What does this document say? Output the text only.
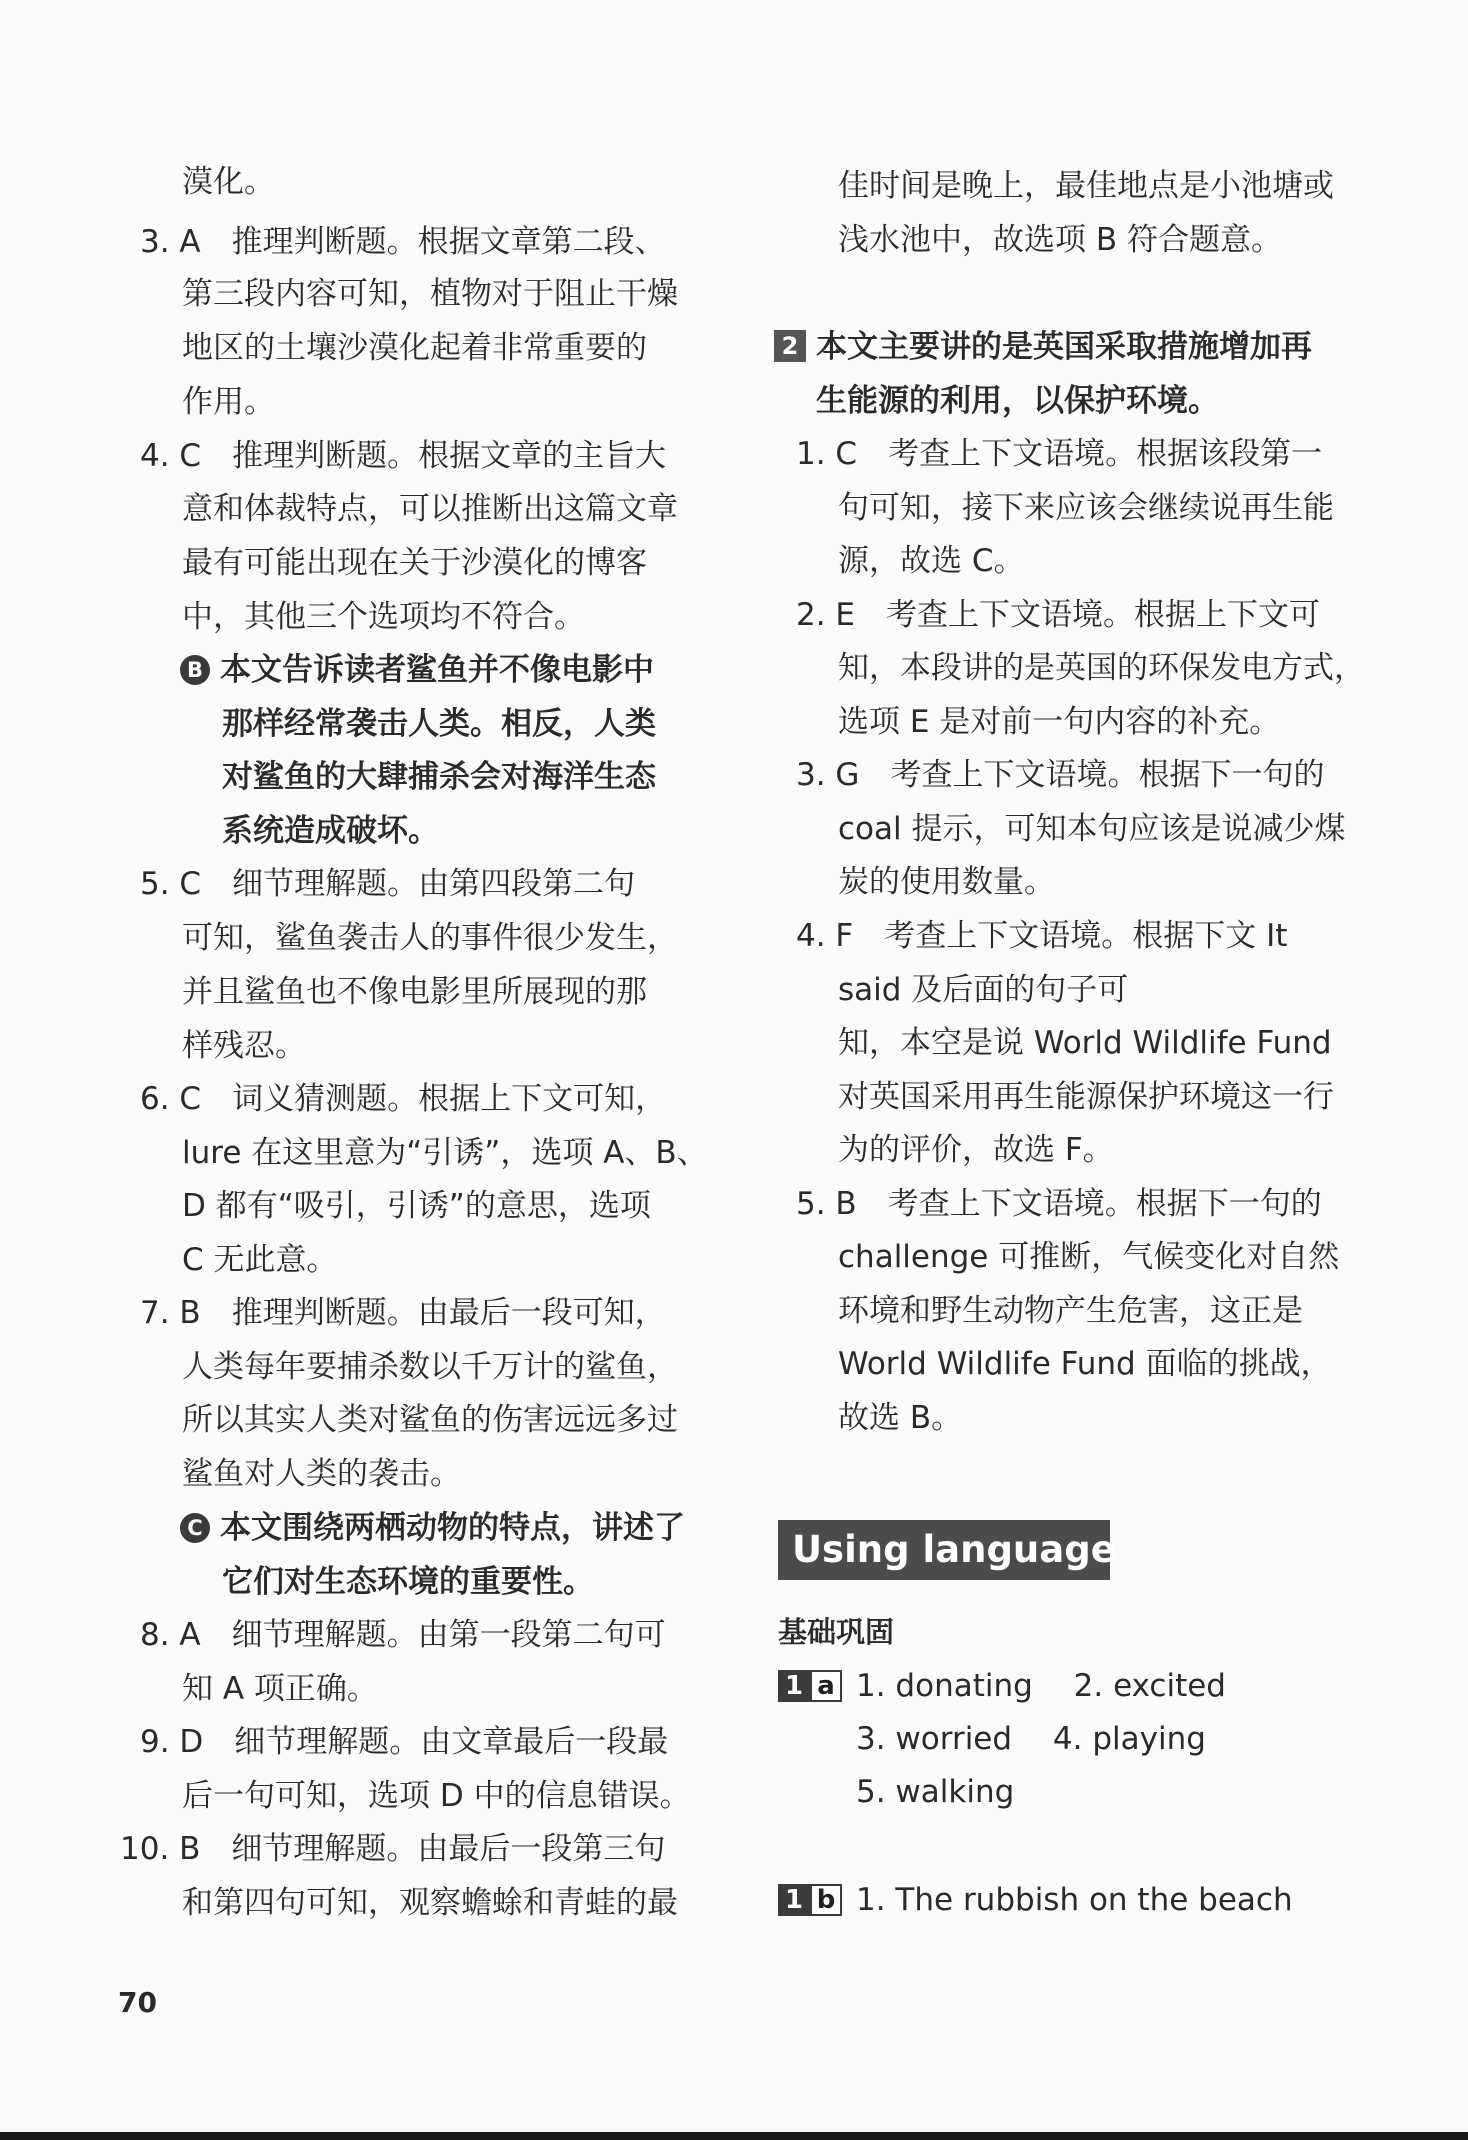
漠化。
3. A　推理判断题。根据文章第二段、
第三段内容可知，植物对于阻止干燥
地区的土壤沙漠化起着非常重要的
作用。
4. C　推理判断题。根据文章的主旨大
意和体裁特点，可以推断出这篇文章
最有可能出现在关于沙漠化的博客
中，其他三个选项均不符合。
B 本文告诉读者鲨鱼并不像电影中
那样经常袭击人类。相反，人类
对鲨鱼的大肆捕杀会对海洋生态
系统造成破坏。
5. C　细节理解题。由第四段第二句
可知，鲨鱼袭击人的事件很少发生，
并且鲨鱼也不像电影里所展现的那
样残忍。
6. C　词义猜测题。根据上下文可知，
lure 在这里意为“引诱”，选项 A、B、
D 都有“吸引，引诱”的意思，选项
C 无此意。
7. B　推理判断题。由最后一段可知，
人类每年要捕杀数以千万计的鲨鱼，
所以其实人类对鲨鱼的伤害远远多过
鲨鱼对人类的袭击。
C 本文围绕两栖动物的特点，讲述了
它们对生态环境的重要性。
8. A　细节理解题。由第一段第二句可
知 A 项正确。
9. D　细节理解题。由文章最后一段最
后一句可知，选项 D 中的信息错误。
10. B　细节理解题。由最后一段第三句
和第四句可知，观察蟾蜍和青蛙的最
佳时间是晚上，最佳地点是小池塘或
浅水池中，故选项 B 符合题意。
2 本文主要讲的是英国采取措施增加再
生能源的利用，以保护环境。
1. C　考查上下文语境。根据该段第一
句可知，接下来应该会继续说再生能
源，故选 C。
2. E　考查上下文语境。根据上下文可
知，本段讲的是英国的环保发电方式，
选项 E 是对前一句内容的补充。
3. G　考查上下文语境。根据下一句的
coal 提示，可知本句应该是说减少煤
炭的使用数量。
4. F　考查上下文语境。根据下文 It
said 及后面的句子可
知，本空是说 World Wildlife Fund
对英国采用再生能源保护环境这一行
为的评价，故选 F。
5. B　考查上下文语境。根据下一句的
challenge 可推断，气候变化对自然
环境和野生动物产生危害，这正是
World Wildlife Fund 面临的挑战，
故选 B。
基础巩固
1 a 1. donating　 2. excited
3. worried　 4. playing
5. walking
1 b 1. The rubbish on the beach
Using language
70
